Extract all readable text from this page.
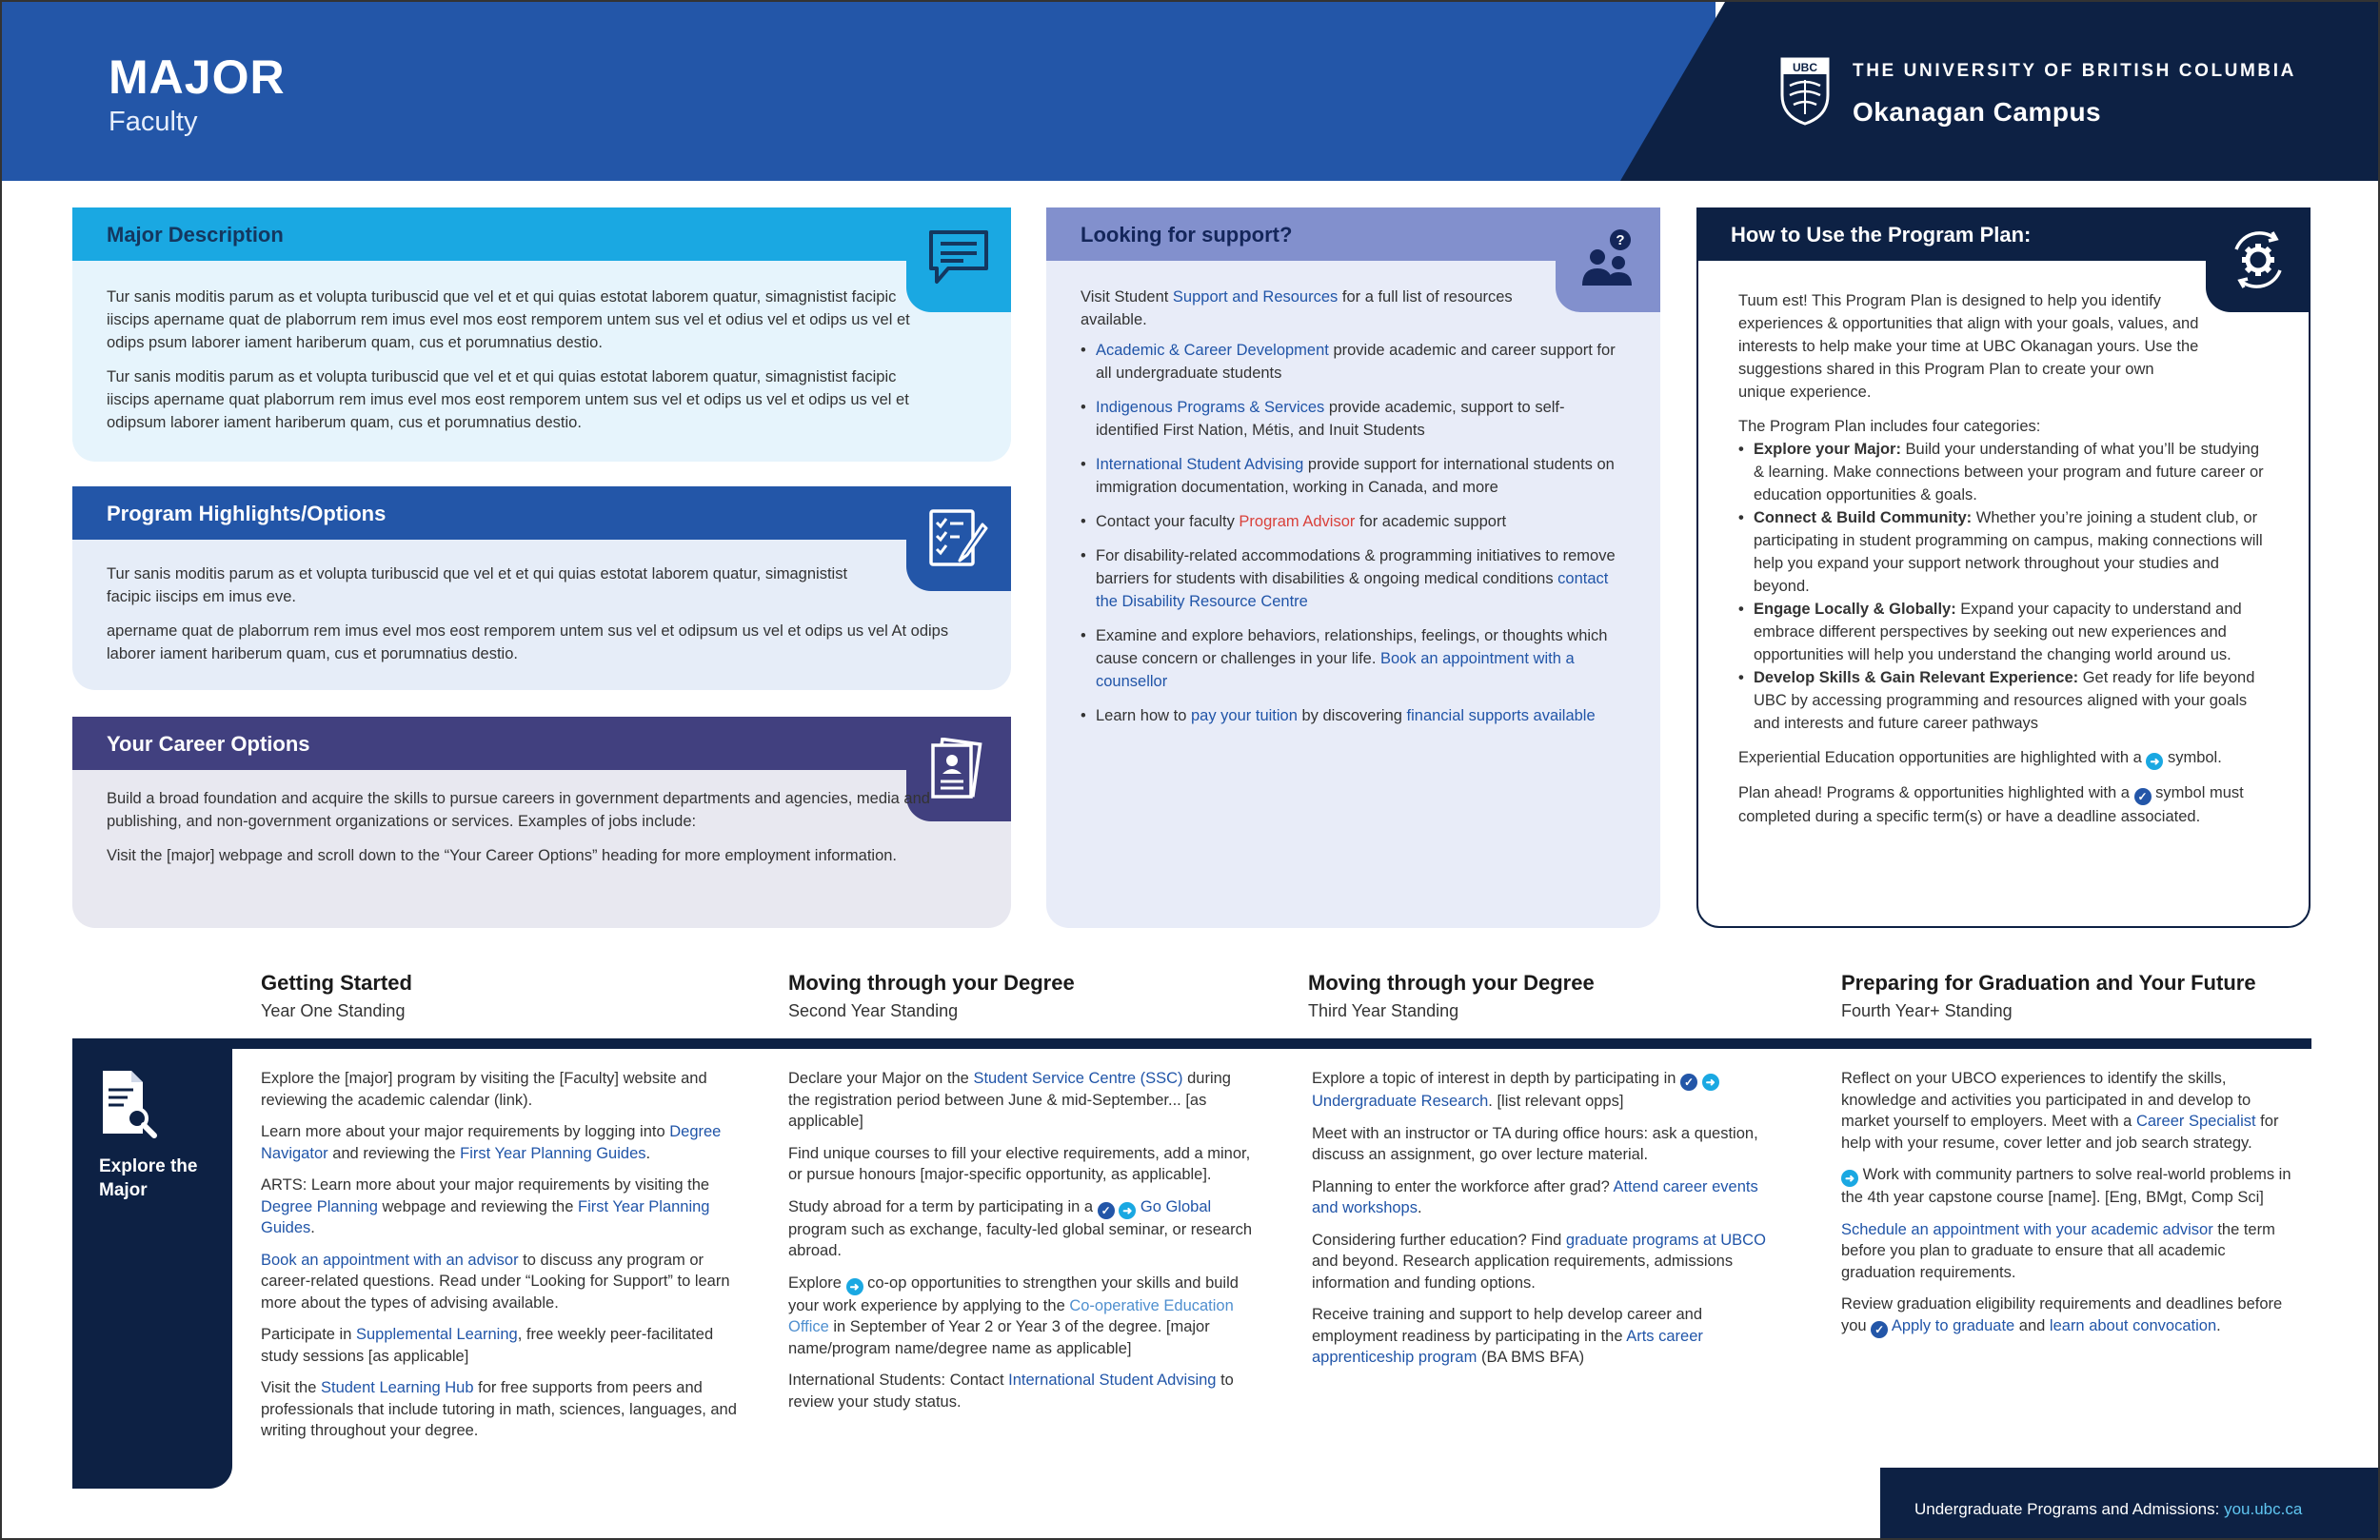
MAJOR
Faculty
UBC THE UNIVERSITY OF BRITISH COLUMBIA
Okanagan Campus
Major Description

Tur sanis moditis parum as et volupta turibuscid que vel et et qui quias estotat laborem quatur, simagnistist facipic iiscips apername quat de plaborrum rem imus evel mos eost remporem untem sus vel et odius vel et odips us vel et odips psum laborer iament hariberum quam, cus et porumnatius destio.

Tur sanis moditis parum as et volupta turibuscid que vel et et qui quias estotat laborem quatur, simagnistist facipic iiscips apername quat plaborrum rem imus evel mos eost remporem untem sus vel et odips us vel et odips us vel et odipsum laborer iament hariberum quam, cus et porumnatius destio.

Program Highlights/Options

Tur sanis moditis parum as et volupta turibuscid que vel et et qui quias estotat laborem quatur, simagnistist facipic iiscips em imus eve.

apername quat de plaborrum rem imus evel mos eost remporem untem sus vel et odipsum us vel et odips us vel At odips laborer iament hariberum quam, cus et porumnatius destio.

Your Career Options

Build a broad foundation and acquire the skills to pursue careers in government departments and agencies, media and publishing, and non-government organizations or services. Examples of jobs include:

Visit the [major] webpage and scroll down to the “Your Career Options” heading for more employment information.

Looking for support?	?

Visit Student Support and Resources for a full list of resources available.

• Academic & Career Development provide academic and career support for all undergraduate students
• Indigenous Programs & Services provide academic, support to self-identified First Nation, Métis, and Inuit Students
• International Student Advising provide support for international students on immigration documentation, working in Canada, and more
• Contact your faculty Program Advisor for academic support
• For disability-related accommodations & programming initiatives to remove barriers for students with disabilities & ongoing medical conditions contact the Disability Resource Centre
• Examine and explore behaviors, relationships, feelings, or thoughts which cause concern or challenges in your life. Book an appointment with a counsellor
• Learn how to pay your tuition by discovering financial supports available
How to Use the Program Plan:

Tuum est! This Program Plan is designed to help you identify experiences & opportunities that align with your goals, values, and interests to help make your time at UBC Okanagan yours. Use the suggestions shared in this Program Plan to create your own unique experience.

The Program Plan includes four categories:

• Explore your Major: Build your understanding of what you’ll be studying & learning. Make connections between your program and future career or education opportunities & goals.
• Connect & Build Community: Whether you’re joining a student club, or participating in student programming on campus, making connections will help you expand your support network throughout your studies and beyond.
• Engage Locally & Globally: Expand your capacity to understand and embrace different perspectives by seeking out new experiences and opportunities will help you understand the changing world around us.
• Develop Skills & Gain Relevant Experience: Get ready for life beyond UBC by accessing programming and resources aligned with your goals and interests and future career pathways

Experiential Education opportunities are highlighted with a ➜ symbol.

Plan ahead! Programs & opportunities highlighted with a ✓ symbol must completed during a specific term(s) or have a deadline associated.

Getting Started
Year One Standing
Moving through your Degree
Second Year Standing
Moving through your Degree
Third Year Standing
Preparing for Graduation and Your Future
Fourth Year+ Standing
Explore the Major

Explore the [major] program by visiting the [Faculty] website and reviewing the academic calendar (link).

Learn more about your major requirements by logging into Degree Navigator and reviewing the First Year Planning Guides.

ARTS: Learn more about your major requirements by visiting the Degree Planning webpage and reviewing the First Year Planning Guides.

Book an appointment with an advisor to discuss any program or career-related questions. Read under “Looking for Support” to learn more about the types of advising available.

Participate in Supplemental Learning, free weekly peer-facilitated study sessions [as applicable]

Visit the Student Learning Hub for free supports from peers and professionals that include tutoring in math, sciences, languages, and writing throughout your degree.

Declare your Major on the Student Service Centre (SSC) during the registration period between June & mid-September... [as applicable]

Find unique courses to fill your elective requirements, add a minor, or pursue honours [major-specific opportunity, as applicable].

Study abroad for a term by participating in a ✓ ➜ Go Global program such as exchange, faculty-led global seminar, or research abroad.

Explore ➜ co-op opportunities to strengthen your skills and build your work experience by applying to the Co-operative Education Office in September of Year 2 or Year 3 of the degree. [major name/program name/degree name as applicable]

International Students: Contact International Student Advising to review your study status.

Explore a topic of interest in depth by participating in ✓ ➜ Undergraduate Research. [list relevant opps]

Meet with an instructor or TA during office hours: ask a question, discuss an assignment, go over lecture material.

Planning to enter the workforce after grad? Attend career events and workshops.

Considering further education? Find graduate programs at UBCO and beyond. Research application requirements, admissions information and funding options.

Receive training and support to help develop career and employment readiness by participating in the Arts career apprenticeship program (BA BMS BFA)

Reflect on your UBCO experiences to identify the skills, knowledge and activities you participated in and develop to market yourself to employers. Meet with a Career Specialist for help with your resume, cover letter and job search strategy.

➜ Work with community partners to solve real-world problems in the 4th year capstone course [name]. [Eng, BMgt, Comp Sci]

Schedule an appointment with your academic advisor the term before you plan to graduate to ensure that all academic graduation requirements.

Review graduation eligibility requirements and deadlines before you ✓ Apply to graduate and learn about convocation.

Undergraduate Programs and Admissions: you.ubc.ca
